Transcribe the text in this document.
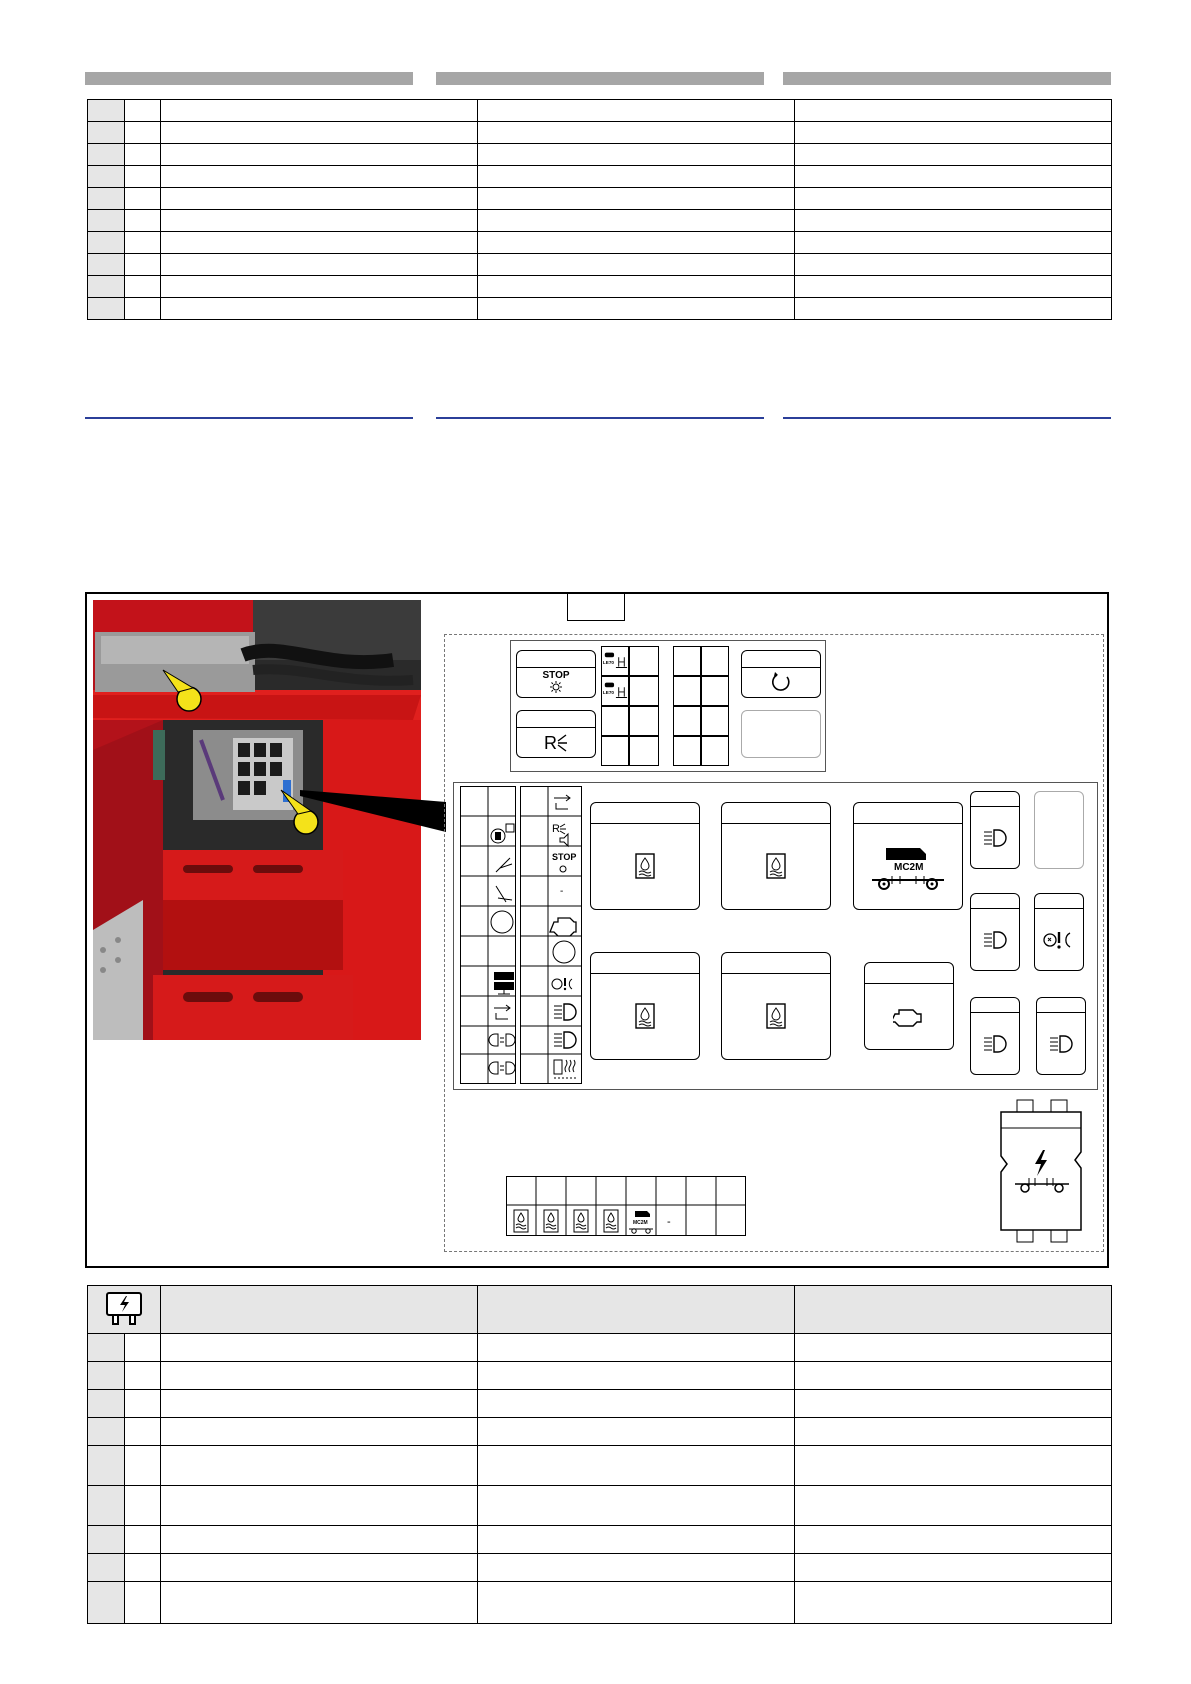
STOP
R
LE70
LE70
R
STOP
-
MC2M
MC2M -
